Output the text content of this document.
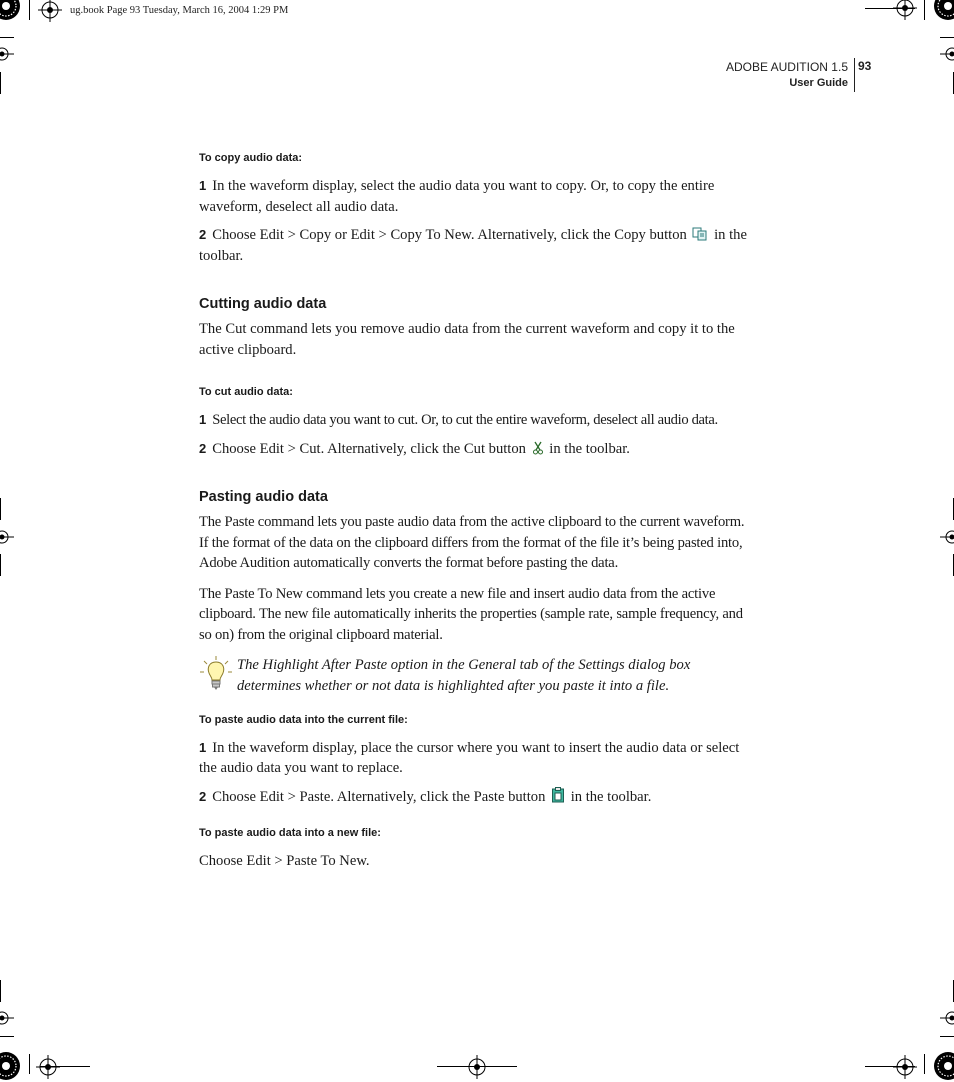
ug.book Page 93 Tuesday, March 16, 2004 1:29 PM
ADOBE AUDITION 1.5
User Guide
93
To copy audio data:
1 In the waveform display, select the audio data you want to copy. Or, to copy the entire waveform, deselect all audio data.
2 Choose Edit > Copy or Edit > Copy To New. Alternatively, click the Copy button in the toolbar.
Cutting audio data
The Cut command lets you remove audio data from the current waveform and copy it to the active clipboard.
To cut audio data:
1 Select the audio data you want to cut. Or, to cut the entire waveform, deselect all audio data.
2 Choose Edit > Cut. Alternatively, click the Cut button in the toolbar.
Pasting audio data
The Paste command lets you paste audio data from the active clipboard to the current waveform. If the format of the data on the clipboard differs from the format of the file it’s being pasted into, Adobe Audition automatically converts the format before pasting the data.
The Paste To New command lets you create a new file and insert audio data from the active clipboard. The new file automatically inherits the properties (sample rate, sample frequency, and so on) from the original clipboard material.
The Highlight After Paste option in the General tab of the Settings dialog box determines whether or not data is highlighted after you paste it into a file.
To paste audio data into the current file:
1 In the waveform display, place the cursor where you want to insert the audio data or select the audio data you want to replace.
2 Choose Edit > Paste. Alternatively, click the Paste button in the toolbar.
To paste audio data into a new file:
Choose Edit > Paste To New.
